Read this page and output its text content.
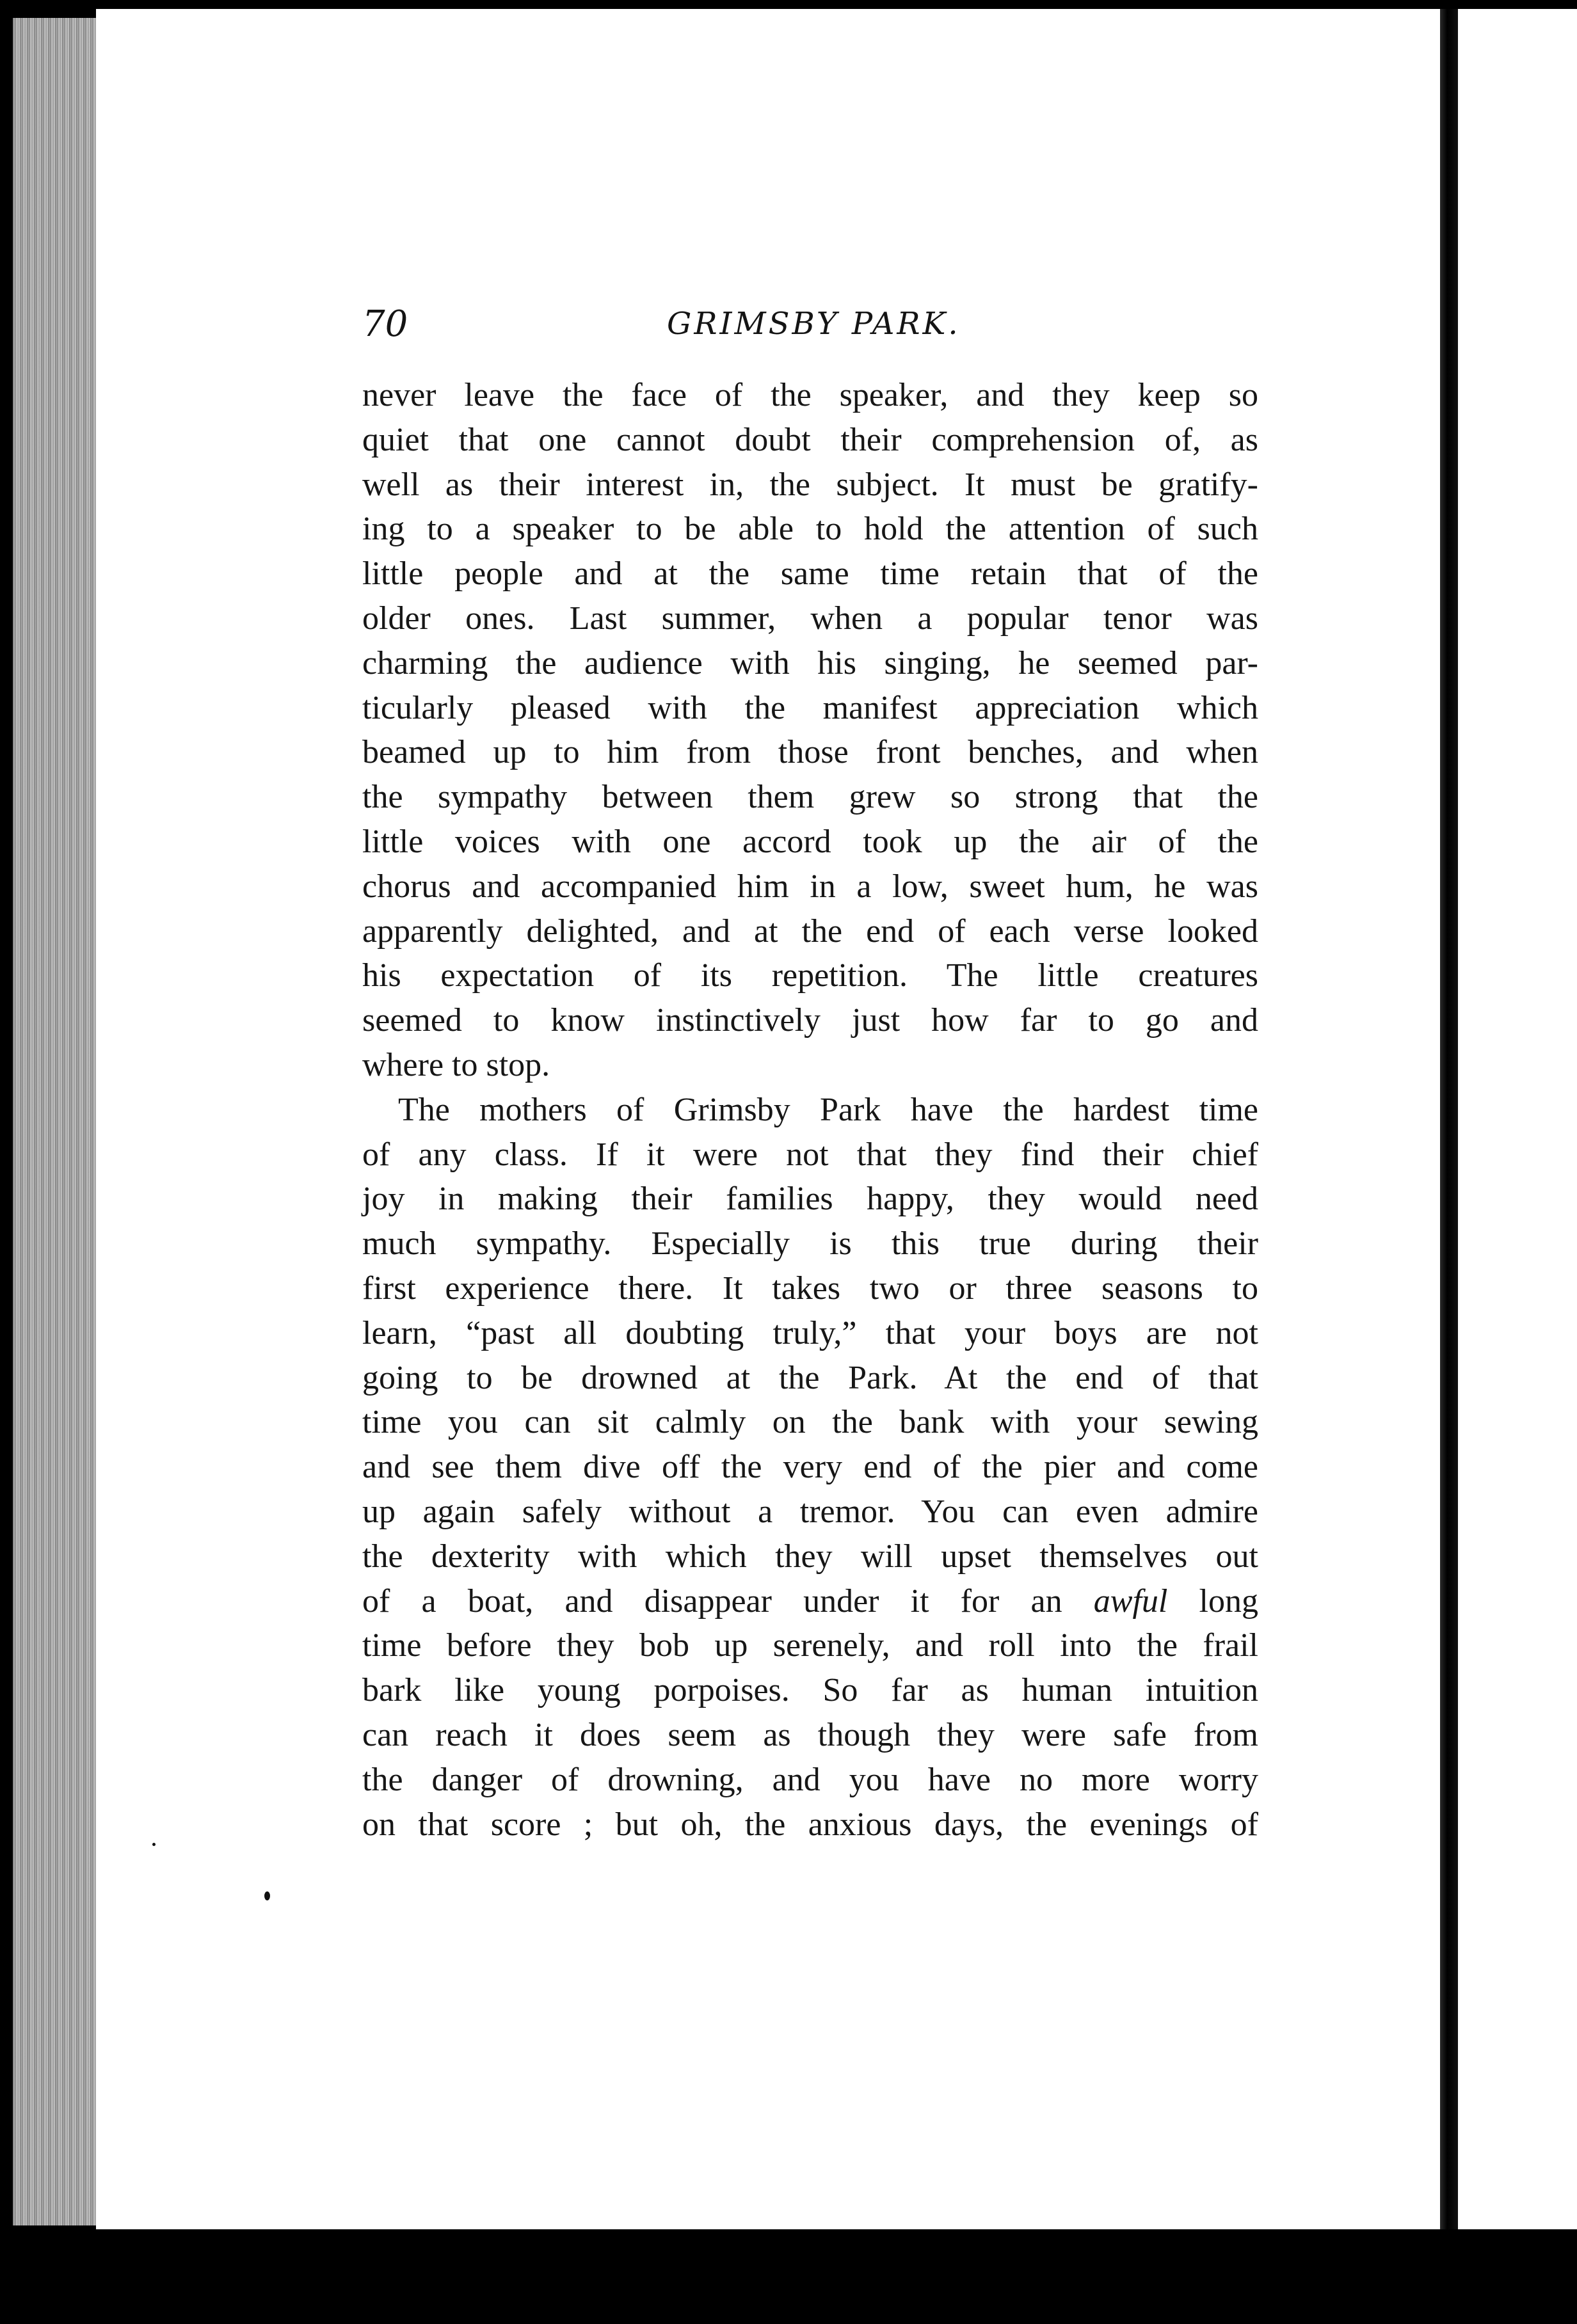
70	GRIMSBY PARK.
never leave the face of the speaker, and they keep so
quiet that one cannot doubt their comprehension of, as
well as their interest in, the subject. It must be gratify-
ing to a speaker to be able to hold the attention of such
little people and at the same time retain that of the
older ones. Last summer, when a popular tenor was
charming the audience with his singing, he seemed par-
ticularly pleased with the manifest appreciation which
beamed up to him from those front benches, and when
the sympathy between them grew so strong that the
little voices with one accord took up the air of the
chorus and accompanied him in a low, sweet hum, he was
apparently delighted, and at the end of each verse looked
his expectation of its repetition. The little creatures
seemed to know instinctively just how far to go and
where to stop.
The mothers of Grimsby Park have the hardest time
of any class. If it were not that they find their chief
joy in making their families happy, they would need
much sympathy. Especially is this true during their
first experience there. It takes two or three seasons to
learn, “past all doubting truly,” that your boys are not
going to be drowned at the Park. At the end of that
time you can sit calmly on the bank with your sewing
and see them dive off the very end of the pier and come
up again safely without a tremor. You can even admire
the dexterity with which they will upset themselves out
of a boat, and disappear under it for an awful long
time before they bob up serenely, and roll into the frail
bark like young porpoises. So far as human intuition
can reach it does seem as though they were safe from
the danger of drowning, and you have no more worry
on that score ; but oh, the anxious days, the evenings of
